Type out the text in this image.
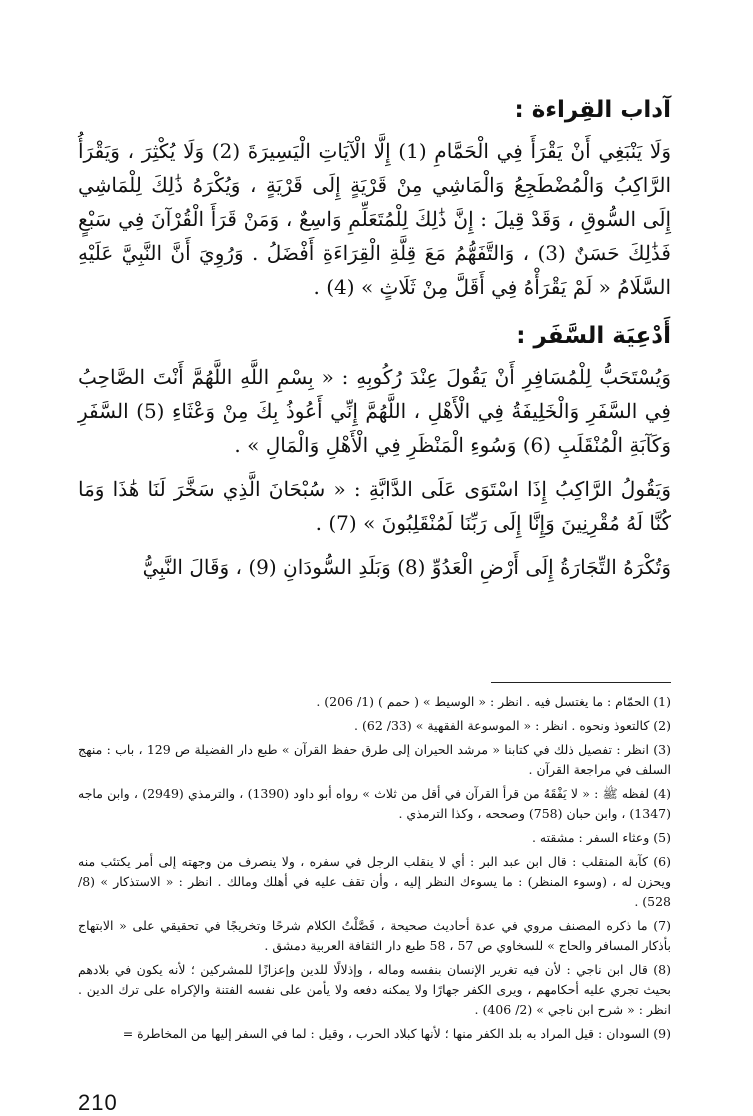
آداب القِراءة :

وَلَا يَنْبَغِي أَنْ يَقْرَأَ فِي الْحَمَّامِ (1) إِلَّا الْآيَاتِ الْيَسِيرَةَ (2) وَلَا يُكْثِرَ ، وَيَقْرَأُ الرَّاكِبُ وَالْمُضْطَجِعُ وَالْمَاشِي مِنْ قَرْيَةٍ إِلَى قَرْيَةٍ ، وَيُكْرَهُ ذَٰلِكَ لِلْمَاشِي إِلَى السُّوقِ ، وَقَدْ قِيلَ : إِنَّ ذَٰلِكَ لِلْمُتَعَلِّمِ وَاسِعٌ ، وَمَنْ قَرَأَ الْقُرْآنَ فِي سَبْعٍ فَذَٰلِكَ حَسَنٌ (3) ، وَالتَّفَهُّمُ مَعَ قِلَّةِ الْقِرَاءَةِ أَفْضَلُ . وَرُوِيَ أَنَّ النَّبِيَّ عَلَيْهِ السَّلَامُ « لَمْ يَقْرَأْهُ فِي أَقَلَّ مِنْ ثَلَاثٍ » (4) .

أَدْعِيَة السَّفَر :

وَيُسْتَحَبُّ لِلْمُسَافِرِ أَنْ يَقُولَ عِنْدَ رُكُوبِهِ : « بِسْمِ اللَّهِ اللَّهُمَّ أَنْتَ الصَّاحِبُ فِي السَّفَرِ وَالْخَلِيفَةُ فِي الْأَهْلِ ، اللَّهُمَّ إِنِّي أَعُوذُ بِكَ مِنْ وَعْثَاءِ (5) السَّفَرِ وَكَآبَةِ الْمُنْقَلَبِ (6) وَسُوءِ الْمَنْظَرِ فِي الْأَهْلِ وَالْمَالِ » .

وَيَقُولُ الرَّاكِبُ إِذَا اسْتَوَى عَلَى الدَّابَّةِ : « سُبْحَانَ الَّذِي سَخَّرَ لَنَا هَٰذَا وَمَا كُنَّا لَهُ مُقْرِنِينَ وَإِنَّا إِلَى رَبِّنَا لَمُنْقَلِبُونَ » (7) .

وَتُكْرَهُ التِّجَارَةُ إِلَى أَرْضِ الْعَدُوِّ (8) وَبَلَدِ السُّودَانِ (9) ، وَقَالَ النَّبِيُّ

(1) الحمّام : ما يغتسل فيه . انظر : « الوسيط » ( حمم ) (1/ 206) .

(2) كالتعوذ ونحوه . انظر : « الموسوعة الفقهية » (33/ 62) .

(3) انظر : تفصيل ذلك في كتابنا « مرشد الحيران إلى طرق حفظ القرآن » طبع دار الفضيلة ص 129 ، باب : منهج السلف في مراجعة القرآن .

(4) لفظه ﷺ : « لا يَفْقَهُ من قرأ القرآن في أقل من ثلاث » رواه أبو داود (1390) ، والترمذي (2949) ، وابن ماجه (1347) ، وابن حبان (758) وصححه ، وكذا الترمذي .

(5) وعثاء السفر : مشقته .

(6) كآبة المنقلب : قال ابن عبد البر : أي لا ينقلب الرجل في سفره ، ولا ينصرف من وجهته إلى أمر يكتئب منه ويحزن له ، (وسوء المنظر) : ما يسوءك النظر إليه ، وأن تقف عليه في أهلك ومالك . انظر : « الاستذكار » (8/ 528) .

(7) ما ذكره المصنف مروي في عدة أحاديث صحيحة ، فَصَّلْتُ الكلام شرحًا وتخريجًا في تحقيقي على « الابتهاج بأذكار المسافر والحاج » للسخاوي ص 57 ، 58 طبع دار الثقافة العربية دمشق .

(8) قال ابن ناجي : لأن فيه تغرير الإنسان بنفسه وماله ، وإذلالًا للدين وإعزازًا للمشركين ؛ لأنه يكون في بلادهم بحيث تجري عليه أحكامهم ، ويرى الكفر جهارًا ولا يمكنه دفعه ولا يأمن على نفسه الفتنة والإكراه على ترك الدين . انظر : « شرح ابن ناجي » (2/ 406) .

(9) السودان : قيل المراد به بلد الكفر منها ؛ لأنها كبلاد الحرب ، وقيل : لما في السفر إليها من المخاطرة =

210
